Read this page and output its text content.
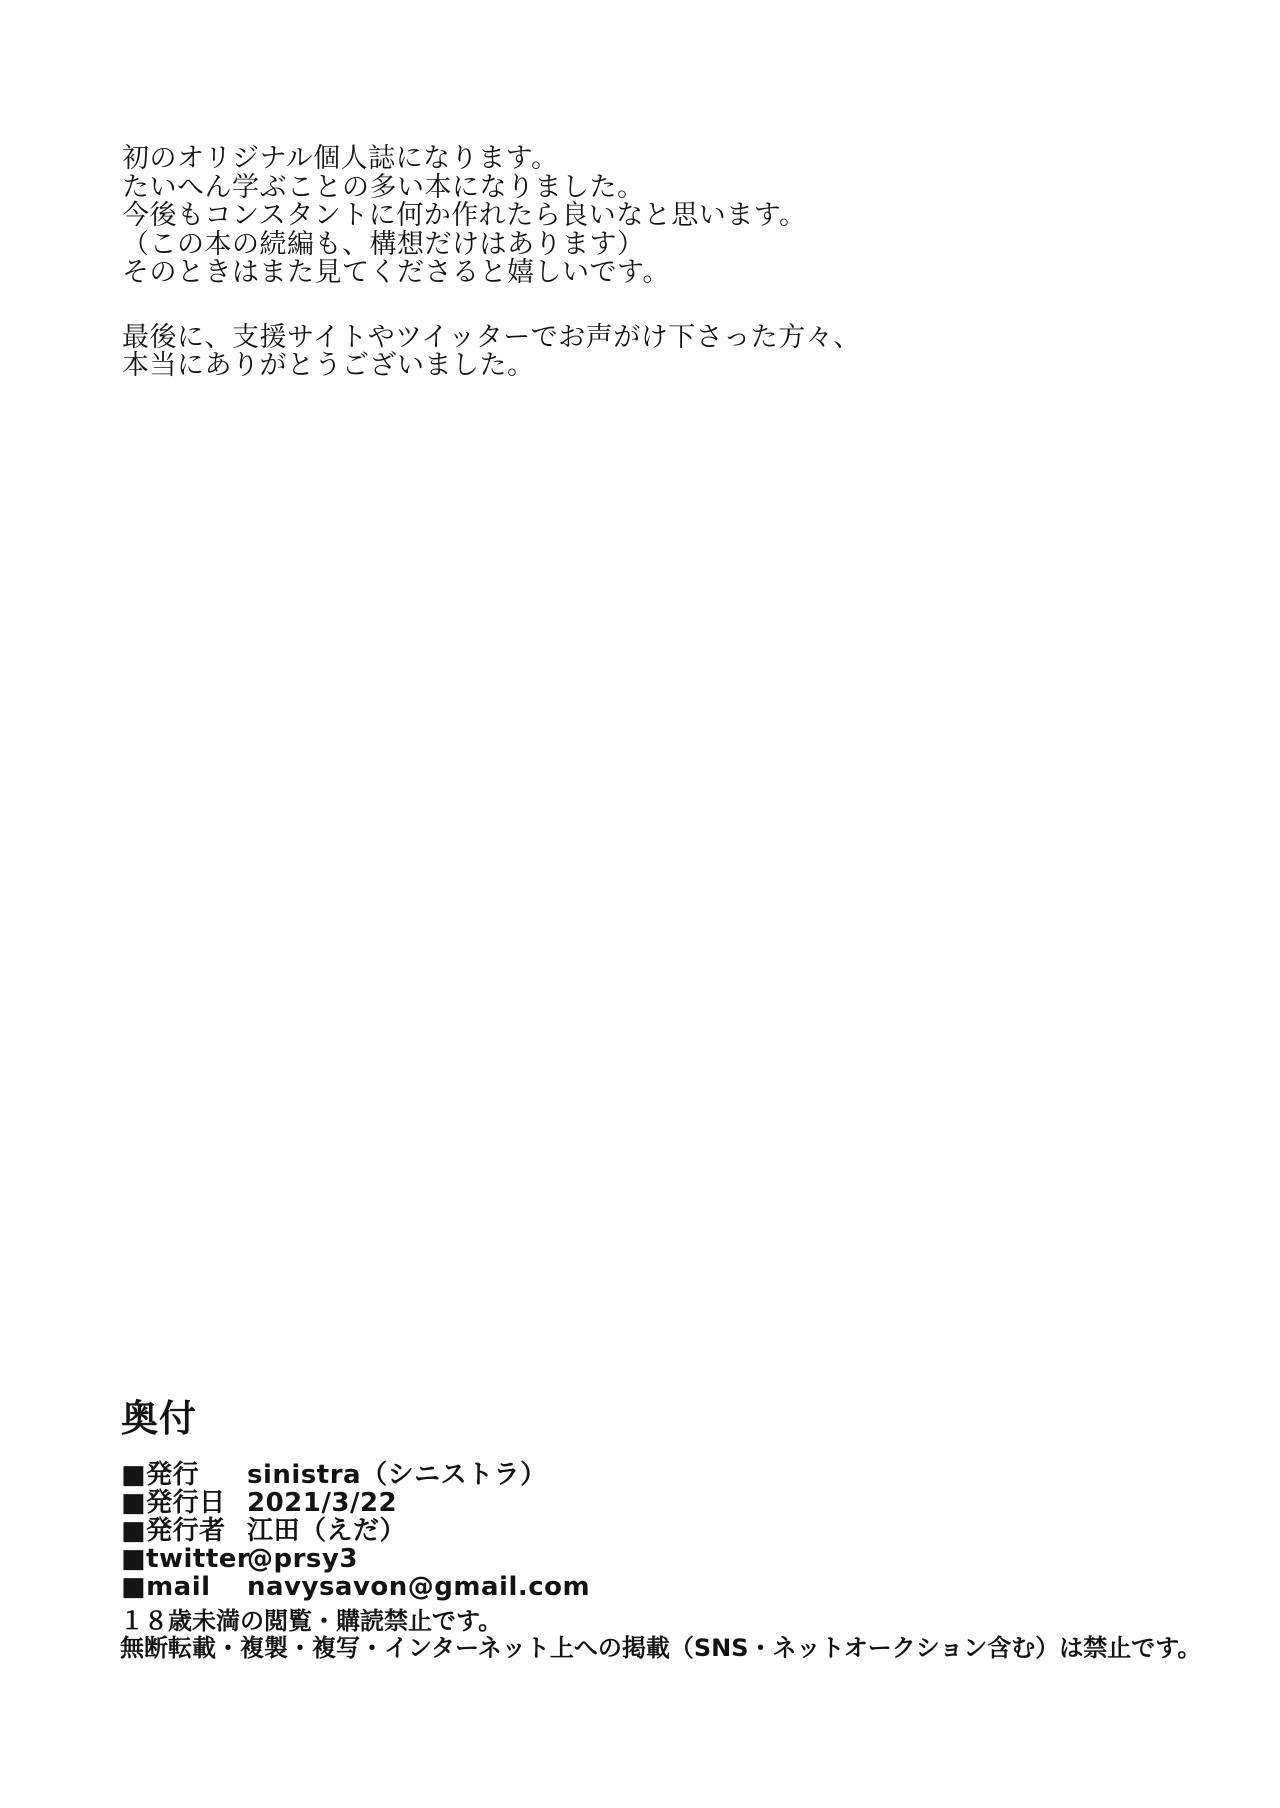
初のオリジナル個人誌になります。

たいへん学ぶことの多い本になりました。

今後もコンスタントに何か作れたら良いなと思います。

（この本の続編も、構想だけはあります）

そのときはまた見てくださると嬉しいです。

最後に、支援サイトやツイッターでお声がけ下さった方々、

本当にありがとうございました。

奥付
■発行	sinistra（シニストラ）
■発行日 2021/3/22
■発行者 江田（えだ）
■twitter
@prsy3
■mail	navysavon@gmail.com

１８歳未満の閲覧・購読禁止です。

無断転載・複製・複写・インターネット上への掲載（SNS・ネットオークション含む）は禁止です。
